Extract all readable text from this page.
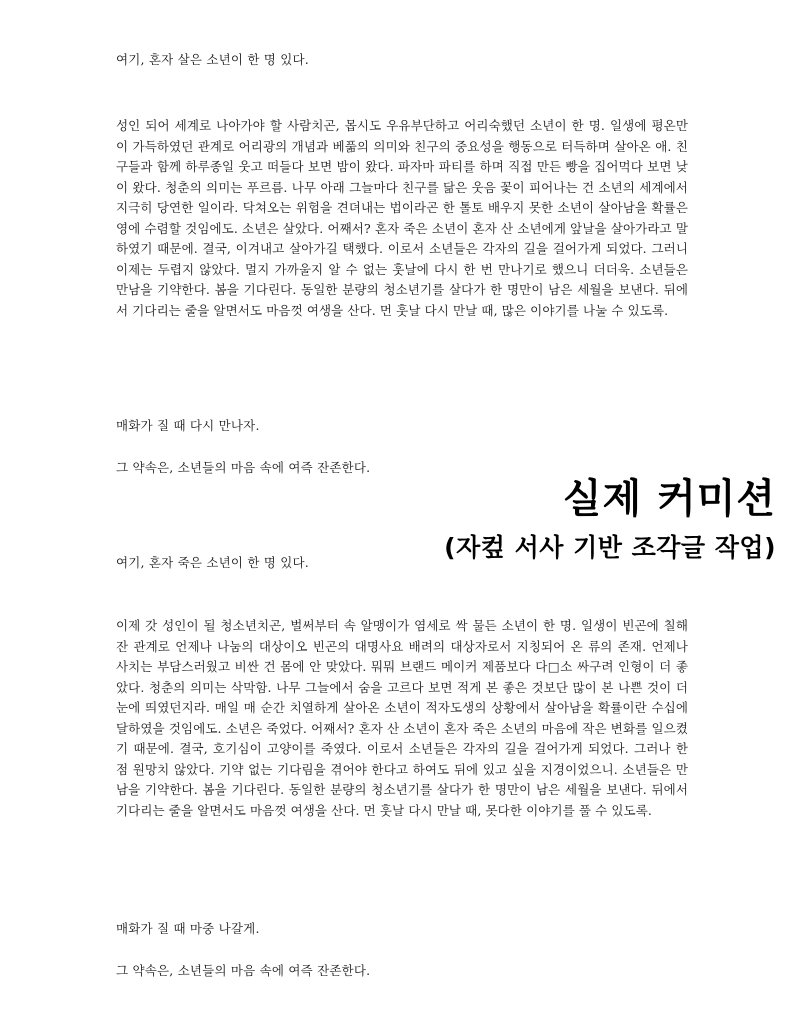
여기, 혼자 살은 소년이 한 명 있다.

성인 되어 세계로 나아가야 할 사람치곤, 몹시도 우유부단하고 어리숙했던 소년이 한 명. 일생에 평온만이 가득하였던 관계로 어리광의 개념과 베풂의 의미와 친구의 중요성을 행동으로 터득하며 살아온 애. 친구들과 함께 하루종일 웃고 떠들다 보면 밤이 왔다. 파자마 파티를 하며 직접 만든 빵을 집어먹다 보면 낮이 왔다. 청춘의 의미는 푸르름. 나무 아래 그늘마다 친구를 닮은 웃음 꽃이 피어나는 건 소년의 세계에서 지극히 당연한 일이라. 닥쳐오는 위험을 견뎌내는 법이라곤 한 톨토 배우지 못한 소년이 살아남을 확률은 영에 수렴할 것임에도. 소년은 살았다. 어째서? 혼자 죽은 소년이 혼자 산 소년에게 앞날을 살아가라고 말하였기 때문에. 결국, 이겨내고 살아가길 택했다. 이로서 소년들은 각자의 길을 걸어가게 되었다. 그러니 이제는 두렵지 않았다. 멀지 가까울지 알 수 없는 훗날에 다시 한 번 만나기로 했으니 더더욱. 소년들은 만남을 기약한다. 봄을 기다린다. 동일한 분량의 청소년기를 살다가 한 명만이 남은 세월을 보낸다. 뒤에서 기다리는 줄을 알면서도 마음껏 여생을 산다. 먼 훗날 다시 만날 때, 많은 이야기를 나눌 수 있도록.

매화가 질 때 다시 만나자.

그 약속은, 소년들의 마음 속에 여즉 잔존한다.

실제 커미션
(자컾 서사 기반 조각글 작업)

여기, 혼자 죽은 소년이 한 명 있다.

이제 갓 성인이 될 청소년치곤, 벌써부터 속 알맹이가 염세로 싹 물든 소년이 한 명. 일생이 빈곤에 칠해잔 관계로 언제나 나눔의 대상이오 빈곤의 대명사요 배려의 대상자로서 지칭되어 온 류의 존재. 언제나 사치는 부담스러웠고 비싼 건 몸에 안 맞았다. 뭐뭐 브랜드 메이커 제품보다 다□소 싸구려 인형이 더 좋았다. 청춘의 의미는 삭막함. 나무 그늘에서 숨을 고르다 보면 적게 본 좋은 것보단 많이 본 나쁜 것이 더 눈에 띄였던지라. 매일 매 순간 치열하게 살아온 소년이 적자도생의 상황에서 살아남을 확률이란 수십에 달하였을 것임에도. 소년은 죽었다. 어째서? 혼자 산 소년이 혼자 죽은 소년의 마음에 작은 변화를 일으켰기 때문에. 결국, 호기심이 고양이를 죽였다. 이로서 소년들은 각자의 길을 걸어가게 되었다. 그러나 한 점 원망치 않았다. 기약 없는 기다림을 겪어야 한다고 하여도 뒤에 있고 싶을 지경이었으니. 소년들은 만남을 기약한다. 봄을 기다린다. 동일한 분량의 청소년기를 살다가 한 명만이 남은 세월을 보낸다. 뒤에서 기다리는 줄을 알면서도 마음껏 여생을 산다. 먼 훗날 다시 만날 때, 못다한 이야기를 풀 수 있도록.

매화가 질 때 마중 나갈게.

그 약속은, 소년들의 마음 속에 여즉 잔존한다.
